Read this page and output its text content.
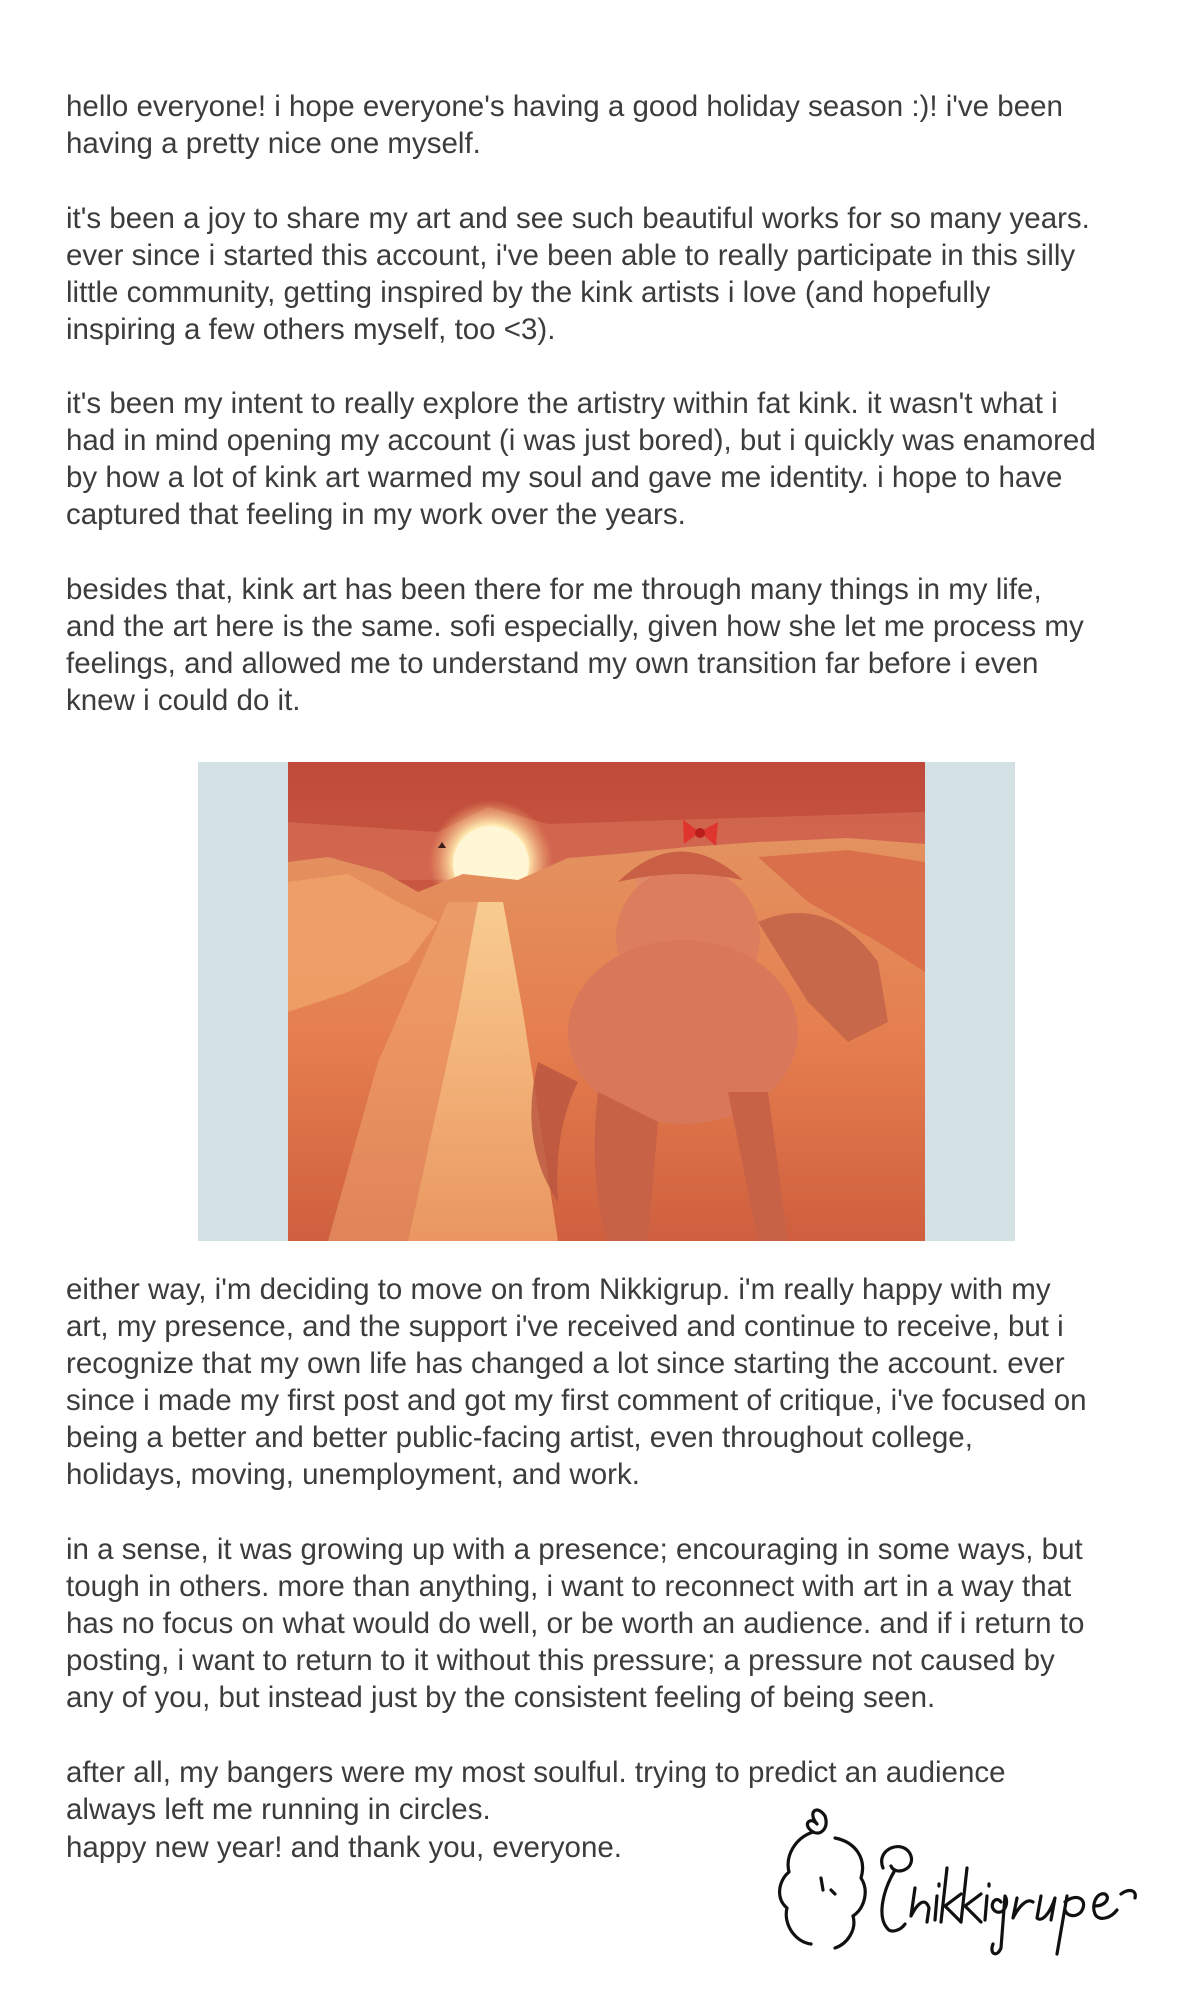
hello everyone! i hope everyone's having a good holiday season :)! i've been
having a pretty nice one myself.

it's been a joy to share my art and see such beautiful works for so many years.
ever since i started this account, i've been able to really participate in this silly
little community, getting inspired by the kink artists i love (and hopefully
inspiring a few others myself, too <3).

it's been my intent to really explore the artistry within fat kink. it wasn't what i
had in mind opening my account (i was just bored), but i quickly was enamored
by how a lot of kink art warmed my soul and gave me identity. i hope to have
captured that feeling in my work over the years.

besides that, kink art has been there for me through many things in my life,
and the art here is the same. sofi especially, given how she let me process my
feelings, and allowed me to understand my own transition far before i even
knew i could do it.

either way, i'm deciding to move on from Nikkigrup. i'm really happy with my
art, my presence, and the support i've received and continue to receive, but i
recognize that my own life has changed a lot since starting the account. ever
since i made my first post and got my first comment of critique, i've focused on
being a better and better public-facing artist, even throughout college,
holidays, moving, unemployment, and work.

in a sense, it was growing up with a presence; encouraging in some ways, but
tough in others. more than anything, i want to reconnect with art in a way that
has no focus on what would do well, or be worth an audience. and if i return to
posting, i want to return to it without this pressure; a pressure not caused by
any of you, but instead just by the consistent feeling of being seen.

after all, my bangers were my most soulful. trying to predict an audience
always left me running in circles.

happy new year! and thank you, everyone.
